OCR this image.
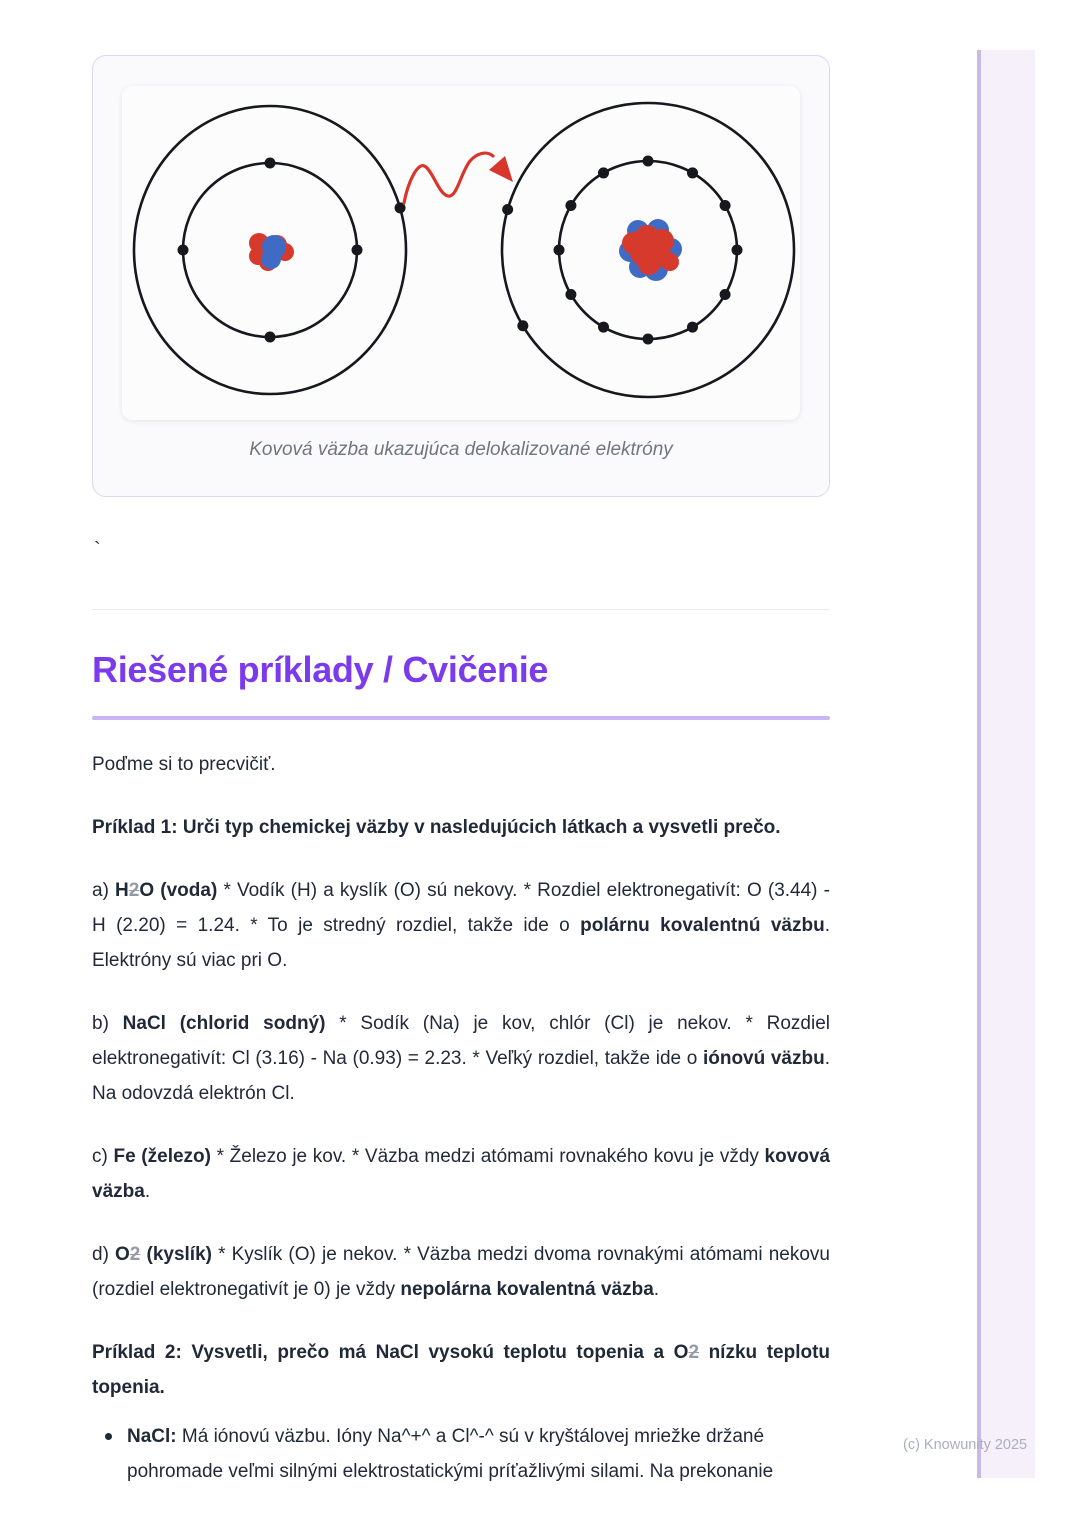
Kovová väzba ukazujúca delokalizované elektróny
`
Riešené príklady / Cvičenie

Poďme si to precvičiť.

Príklad 1: Urči typ chemickej väzby v nasledujúcich látkach a vysvetli prečo.

a) H2O (voda) * Vodík (H) a kyslík (O) sú nekovy. * Rozdiel elektronegativít: O (3.44) - H (2.20) = 1.24. * To je stredný rozdiel, takže ide o polárnu kovalentnú väzbu. Elektróny sú viac pri O.

b) NaCl (chlorid sodný) * Sodík (Na) je kov, chlór (Cl) je nekov. * Rozdiel elektronegativít: Cl (3.16) - Na (0.93) = 2.23. * Veľký rozdiel, takže ide o iónovú väzbu. Na odovzdá elektrón Cl.

c) Fe (železo) * Železo je kov. * Väzba medzi atómami rovnakého kovu je vždy kovová väzba.

d) O2 (kyslík) * Kyslík (O) je nekov. * Väzba medzi dvoma rovnakými atómami nekovu (rozdiel elektronegativít je 0) je vždy nepolárna kovalentná väzba.

Príklad 2: Vysvetli, prečo má NaCl vysokú teplotu topenia a O2 nízku teplotu topenia.

NaCl: Má iónovú väzbu. Ióny Na^+^ a Cl^-^ sú v kryštálovej mriežke držané pohromade veľmi silnými elektrostatickými príťažlivými silami. Na prekonanie
(c) Knowunity 2025
